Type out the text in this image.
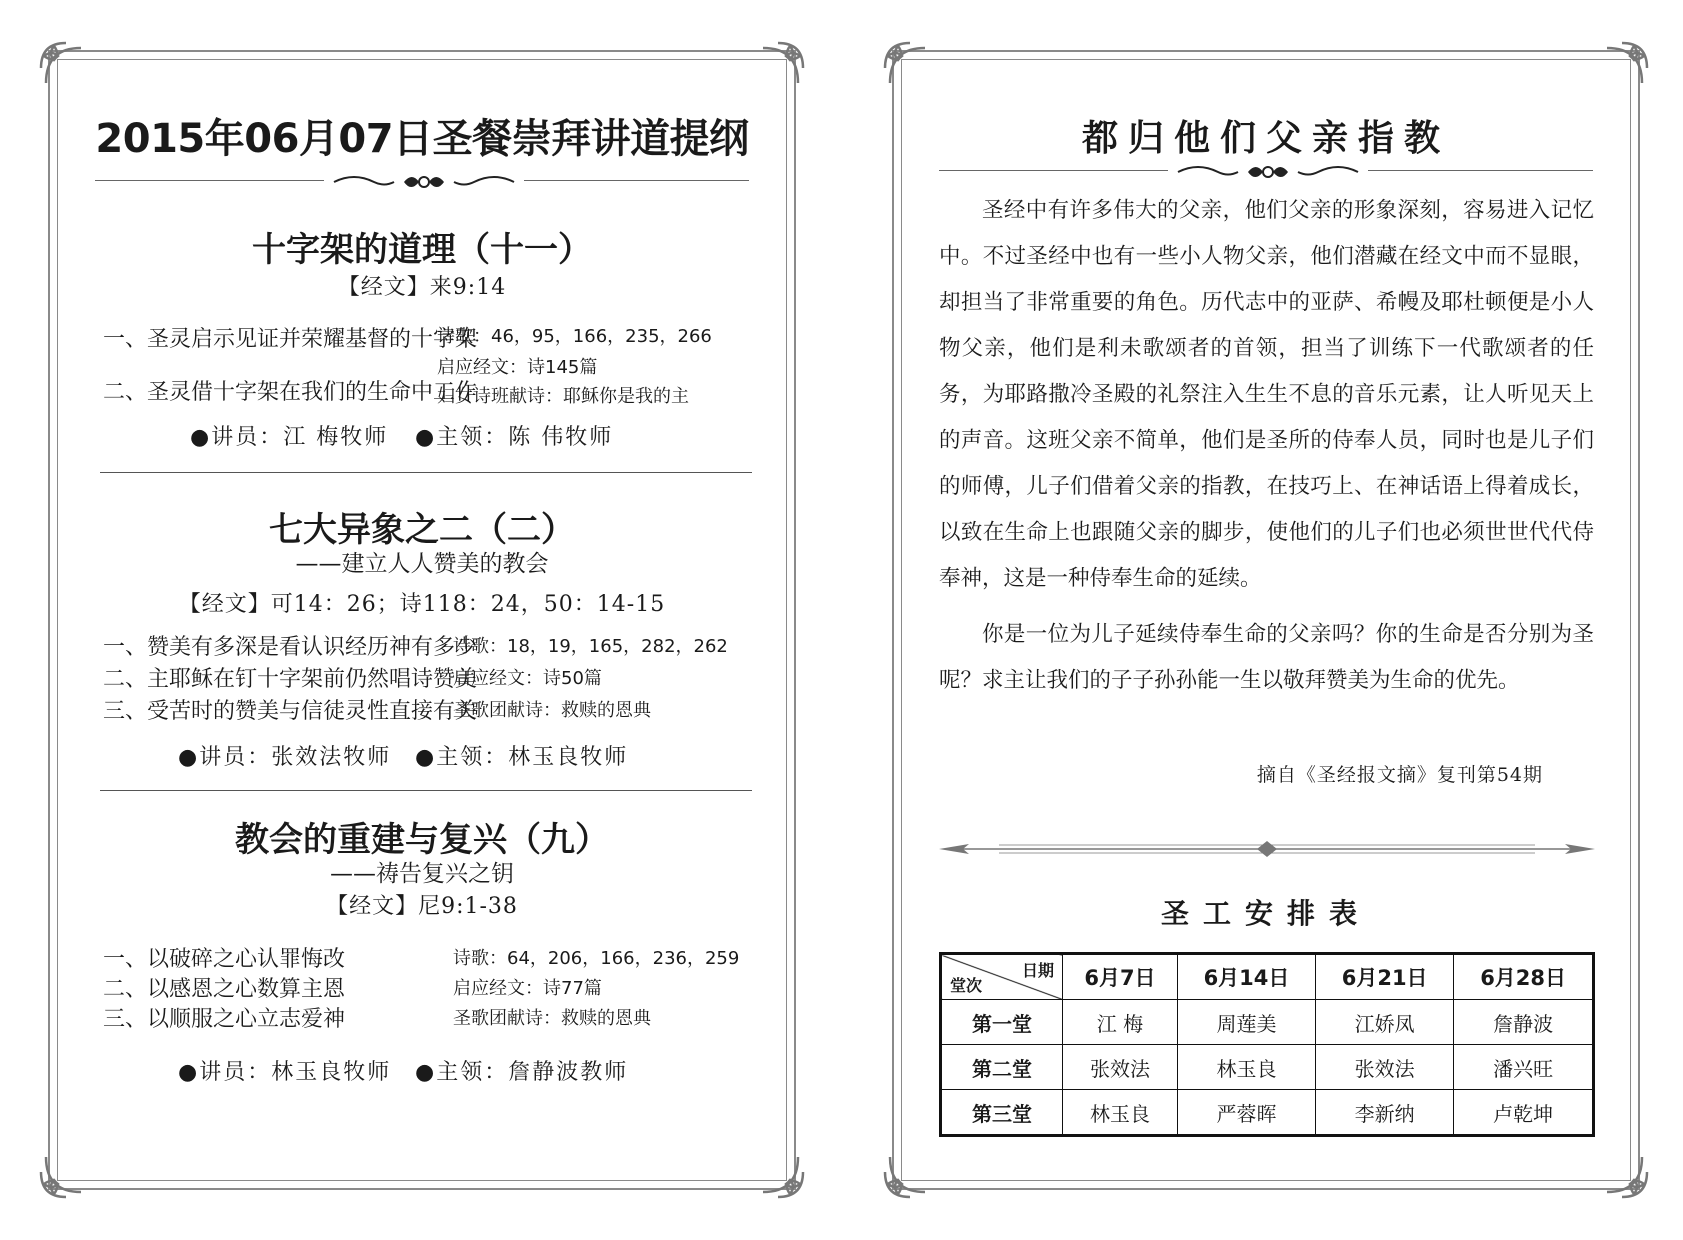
2015年06月07日圣餐崇拜讲道提纲
十字架的道理（十一）
【经文】来9:14
一、圣灵启示见证并荣耀基督的十字架
二、圣灵借十字架在我们的生命中工作
诗歌：46，95，166，235，266
启应经文：诗145篇
妇女诗班献诗：耶稣你是我的主
●讲员：江 梅牧师 ●主领：陈 伟牧师
七大异象之二（二）
——建立人人赞美的教会
【经文】可14：26；诗118：24，50：14-15
一、赞美有多深是看认识经历神有多少
二、主耶稣在钉十字架前仍然唱诗赞美
三、受苦时的赞美与信徒灵性直接有关
诗歌：18，19，165，282，262
启应经文：诗50篇
圣歌团献诗：救赎的恩典
●讲员：张效法牧师 ●主领：林玉良牧师
教会的重建与复兴（九）
——祷告复兴之钥
【经文】尼9:1-38
一、以破碎之心认罪悔改
二、以感恩之心数算主恩
三、以顺服之心立志爱神
诗歌：64，206，166，236，259
启应经文：诗77篇
圣歌团献诗：救赎的恩典
●讲员：林玉良牧师 ●主领：詹静波教师
都归他们父亲指教
圣经中有许多伟大的父亲，他们父亲的形象深刻，容易进入记忆中。不过圣经中也有一些小人物父亲，他们潜藏在经文中而不显眼，却担当了非常重要的角色。历代志中的亚萨、希幔及耶杜顿便是小人物父亲，他们是利未歌颂者的首领，担当了训练下一代歌颂者的任务，为耶路撒冷圣殿的礼祭注入生生不息的音乐元素，让人听见天上的声音。这班父亲不简单，他们是圣所的侍奉人员，同时也是儿子们的师傅，儿子们借着父亲的指教，在技巧上、在神话语上得着成长，以致在生命上也跟随父亲的脚步，使他们的儿子们也必须世世代代侍奉神，这是一种侍奉生命的延续。
你是一位为儿子延续侍奉生命的父亲吗？你的生命是否分别为圣呢？求主让我们的子子孙孙能一生以敬拜赞美为生命的优先。
摘自《圣经报文摘》复刊第54期
圣工安排表
日期
堂次	6月7日	6月14日	6月21日	6月28日
第一堂	江 梅	周莲美	江娇凤	詹静波
第二堂	张效法	林玉良	张效法	潘兴旺
第三堂	林玉良	严蓉晖	李新纳	卢乾坤
